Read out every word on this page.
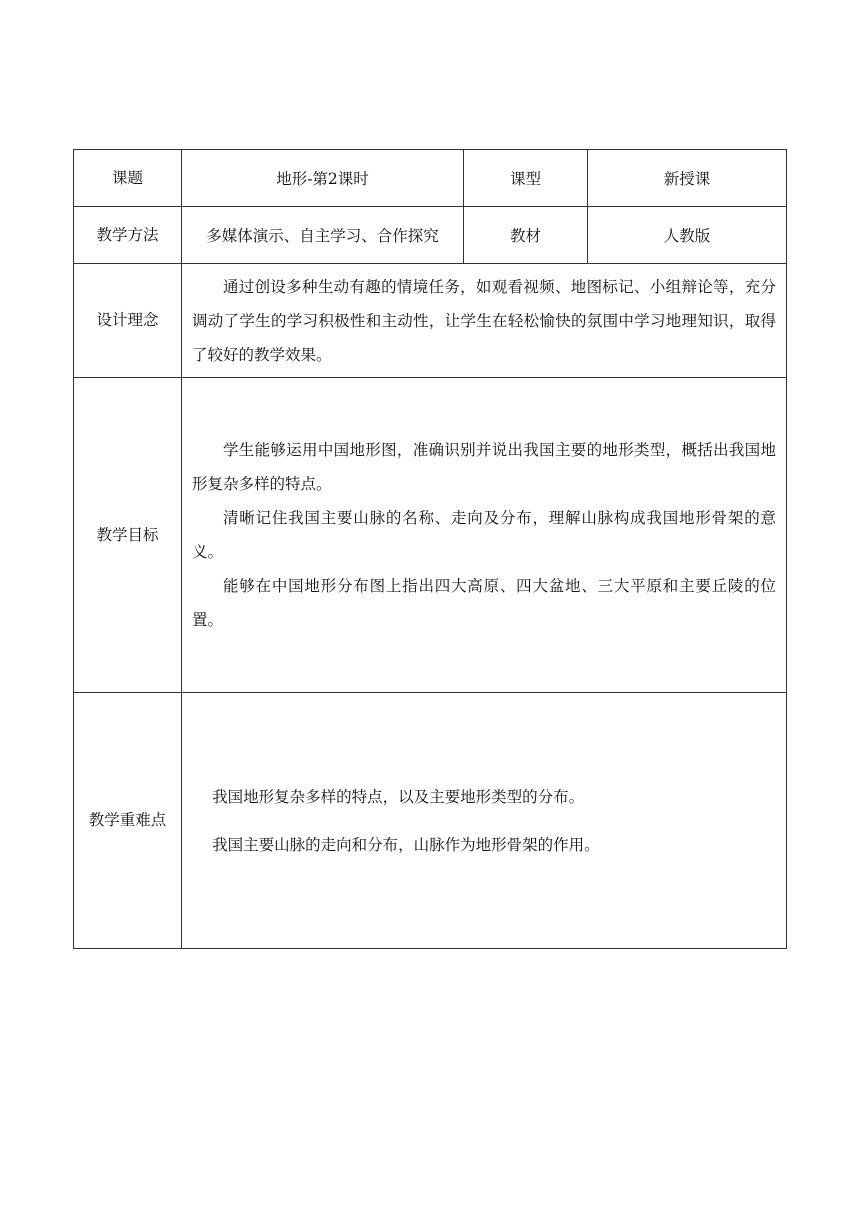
课题	地形-第2课时	课型	新授课
教学方法	多媒体演示、自主学习、合作探究	教材	人教版
设计理念	通过创设多种生动有趣的情境任务，如观看视频、地图标记、小组辩论等，充分调动了学生的学习积极性和主动性，让学生在轻松愉快的氛围中学习地理知识，取得了较好的教学效果。		

教学目标	学生能够运用中国地形图，准确识别并说出我国主要的地形类型，概括出我国地形复杂多样的特点。

清晰记住我国主要山脉的名称、走向及分布，理解山脉构成我国地形骨架的意义。

能够在中国地形分布图上指出四大高原、四大盆地、三大平原和主要丘陵的位置。		

教学重难点	我国地形复杂多样的特点，以及主要地形类型的分布。

我国主要山脉的走向和分布，山脉作为地形骨架的作用。		
